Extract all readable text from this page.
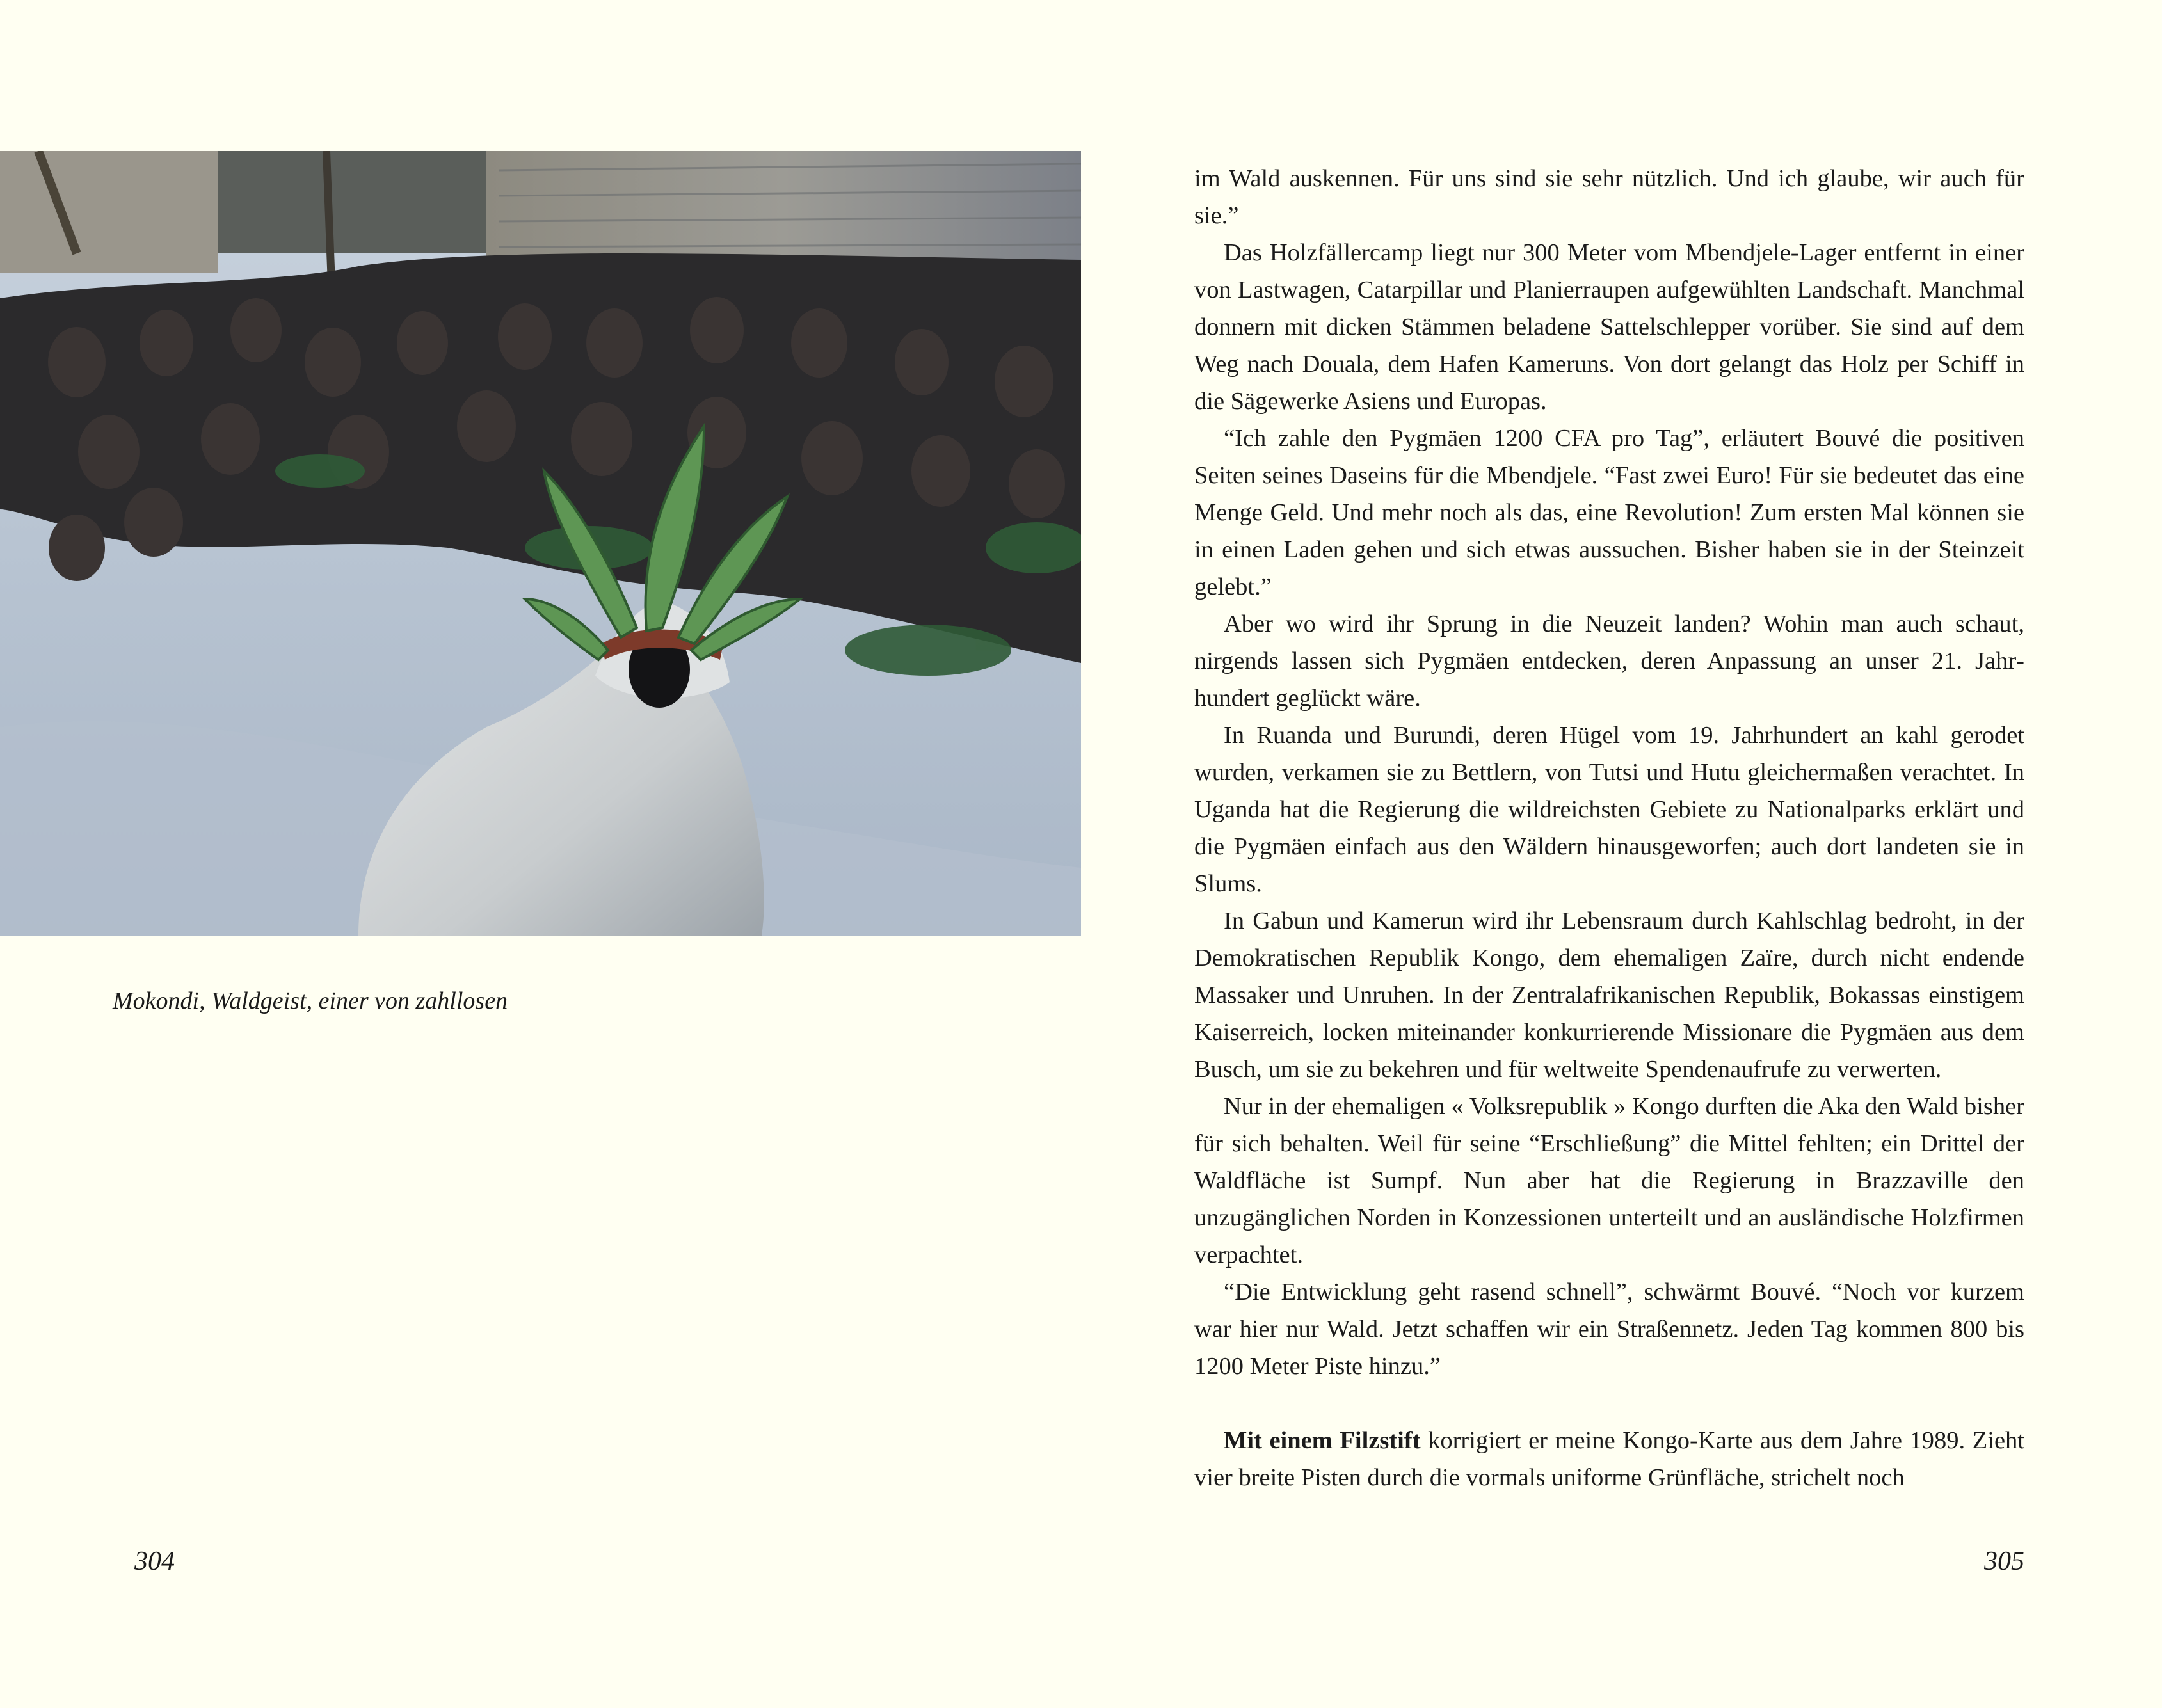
Mokondi, Waldgeist, einer von zahllosen
304

im Wald auskennen. Für uns sind sie sehr nützlich. Und ich glaube, wir auch für sie.”

Das Holzfällercamp liegt nur 300 Meter vom Mbendjele-Lager entfernt in einer von Lastwagen, Catarpillar und Planierraupen aufgewühlten Landschaft. Manchmal donnern mit dicken Stämmen beladene Sattelschlepper vorüber. Sie sind auf dem Weg nach Douala, dem Hafen Kameruns. Von dort gelangt das Holz per Schiff in die Sägewerke Asiens und Europas.

“Ich zahle den Pygmäen 1200 CFA pro Tag”, erläutert Bouvé die positiven Seiten seines Daseins für die Mbendjele. “Fast zwei Euro! Für sie bedeutet das eine Menge Geld. Und mehr noch als das, eine Revolution! Zum ersten Mal können sie in einen Laden gehen und sich etwas aussuchen. Bisher haben sie in der Steinzeit gelebt.”

Aber wo wird ihr Sprung in die Neuzeit landen? Wohin man auch schaut, nirgends lassen sich Pygmäen entdecken, deren Anpassung an unser 21. Jahrhundert geglückt wäre.

In Ruanda und Burundi, deren Hügel vom 19. Jahrhundert an kahl gerodet wurden, verkamen sie zu Bettlern, von Tutsi und Hutu gleichermaßen verachtet. In Uganda hat die Regierung die wildreichsten Gebiete zu Nationalparks erklärt und die Pygmäen einfach aus den Wäldern hinausgeworfen; auch dort landeten sie in Slums.

In Gabun und Kamerun wird ihr Lebensraum durch Kahlschlag bedroht, in der Demokratischen Republik Kongo, dem ehemaligen Zaïre, durch nicht endende Massaker und Unruhen. In der Zentralafrikanischen Republik, Bokassas einstigem Kaiserreich, locken miteinander konkurrierende Missionare die Pygmäen aus dem Busch, um sie zu bekehren und für weltweite Spendenaufrufe zu verwerten.

Nur in der ehemaligen « Volksrepublik » Kongo durften die Aka den Wald bisher für sich behalten. Weil für seine “Erschließung” die Mittel fehlten; ein Drittel der Waldfläche ist Sumpf. Nun aber hat die Regierung in Brazzaville den unzugänglichen Norden in Konzessionen unterteilt und an ausländische Holzfirmen verpachtet.

“Die Entwicklung geht rasend schnell”, schwärmt Bouvé. “Noch vor kurzem war hier nur Wald. Jetzt schaffen wir ein Straßennetz. Jeden Tag kommen 800 bis 1200 Meter Piste hinzu.”

Mit einem Filzstift korrigiert er meine Kongo-Karte aus dem Jahre 1989. Zieht vier breite Pisten durch die vormals uniforme Grünfläche, strichelt noch

305
